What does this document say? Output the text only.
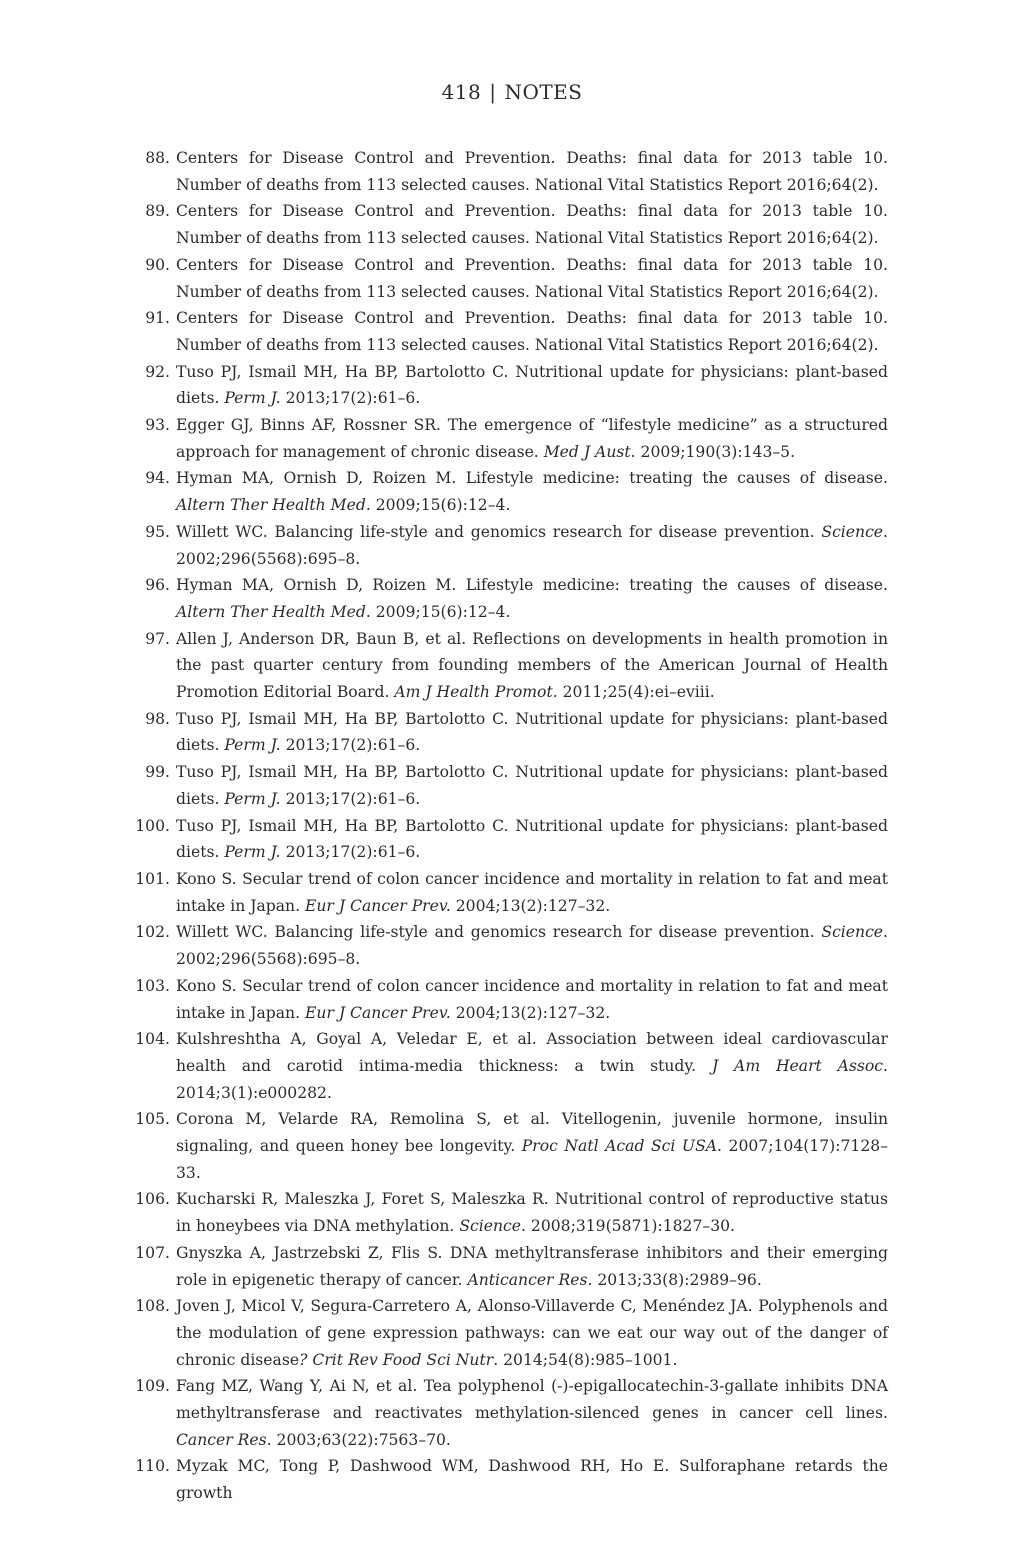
418 | NOTES
88. Centers for Disease Control and Prevention. Deaths: final data for 2013 table 10. Number of deaths from 113 selected causes. National Vital Statistics Report 2016;64(2).
89. Centers for Disease Control and Prevention. Deaths: final data for 2013 table 10. Number of deaths from 113 selected causes. National Vital Statistics Report 2016;64(2).
90. Centers for Disease Control and Prevention. Deaths: final data for 2013 table 10. Number of deaths from 113 selected causes. National Vital Statistics Report 2016;64(2).
91. Centers for Disease Control and Prevention. Deaths: final data for 2013 table 10. Number of deaths from 113 selected causes. National Vital Statistics Report 2016;64(2).
92. Tuso PJ, Ismail MH, Ha BP, Bartolotto C. Nutritional update for physicians: plant-based diets. Perm J. 2013;17(2):61–6.
93. Egger GJ, Binns AF, Rossner SR. The emergence of “lifestyle medicine” as a structured approach for management of chronic disease. Med J Aust. 2009;190(3):143–5.
94. Hyman MA, Ornish D, Roizen M. Lifestyle medicine: treating the causes of disease. Altern Ther Health Med. 2009;15(6):12–4.
95. Willett WC. Balancing life-style and genomics research for disease prevention. Science. 2002;296(5568):695–8.
96. Hyman MA, Ornish D, Roizen M. Lifestyle medicine: treating the causes of disease. Altern Ther Health Med. 2009;15(6):12–4.
97. Allen J, Anderson DR, Baun B, et al. Reflections on developments in health promotion in the past quarter century from founding members of the American Journal of Health Promotion Editorial Board. Am J Health Promot. 2011;25(4):ei–eviii.
98. Tuso PJ, Ismail MH, Ha BP, Bartolotto C. Nutritional update for physicians: plant-based diets. Perm J. 2013;17(2):61–6.
99. Tuso PJ, Ismail MH, Ha BP, Bartolotto C. Nutritional update for physicians: plant-based diets. Perm J. 2013;17(2):61–6.
100. Tuso PJ, Ismail MH, Ha BP, Bartolotto C. Nutritional update for physicians: plant-based diets. Perm J. 2013;17(2):61–6.
101. Kono S. Secular trend of colon cancer incidence and mortality in relation to fat and meat intake in Japan. Eur J Cancer Prev. 2004;13(2):127–32.
102. Willett WC. Balancing life-style and genomics research for disease prevention. Science. 2002;296(5568):695–8.
103. Kono S. Secular trend of colon cancer incidence and mortality in relation to fat and meat intake in Japan. Eur J Cancer Prev. 2004;13(2):127–32.
104. Kulshreshtha A, Goyal A, Veledar E, et al. Association between ideal cardiovascular health and carotid intima-media thickness: a twin study. J Am Heart Assoc. 2014;3(1):e000282.
105. Corona M, Velarde RA, Remolina S, et al. Vitellogenin, juvenile hormone, insulin signaling, and queen honey bee longevity. Proc Natl Acad Sci USA. 2007;104(17):7128–33.
106. Kucharski R, Maleszka J, Foret S, Maleszka R. Nutritional control of reproductive status in honeybees via DNA methylation. Science. 2008;319(5871):1827–30.
107. Gnyszka A, Jastrzebski Z, Flis S. DNA methyltransferase inhibitors and their emerging role in epigenetic therapy of cancer. Anticancer Res. 2013;33(8):2989–96.
108. Joven J, Micol V, Segura-Carretero A, Alonso-Villaverde C, Menéndez JA. Polyphenols and the modulation of gene expression pathways: can we eat our way out of the danger of chronic disease? Crit Rev Food Sci Nutr. 2014;54(8):985–1001.
109. Fang MZ, Wang Y, Ai N, et al. Tea polyphenol (-)-epigallocatechin-3-gallate inhibits DNA methyltransferase and reactivates methylation-silenced genes in cancer cell lines. Cancer Res. 2003;63(22):7563–70.
110. Myzak MC, Tong P, Dashwood WM, Dashwood RH, Ho E. Sulforaphane retards the growth
